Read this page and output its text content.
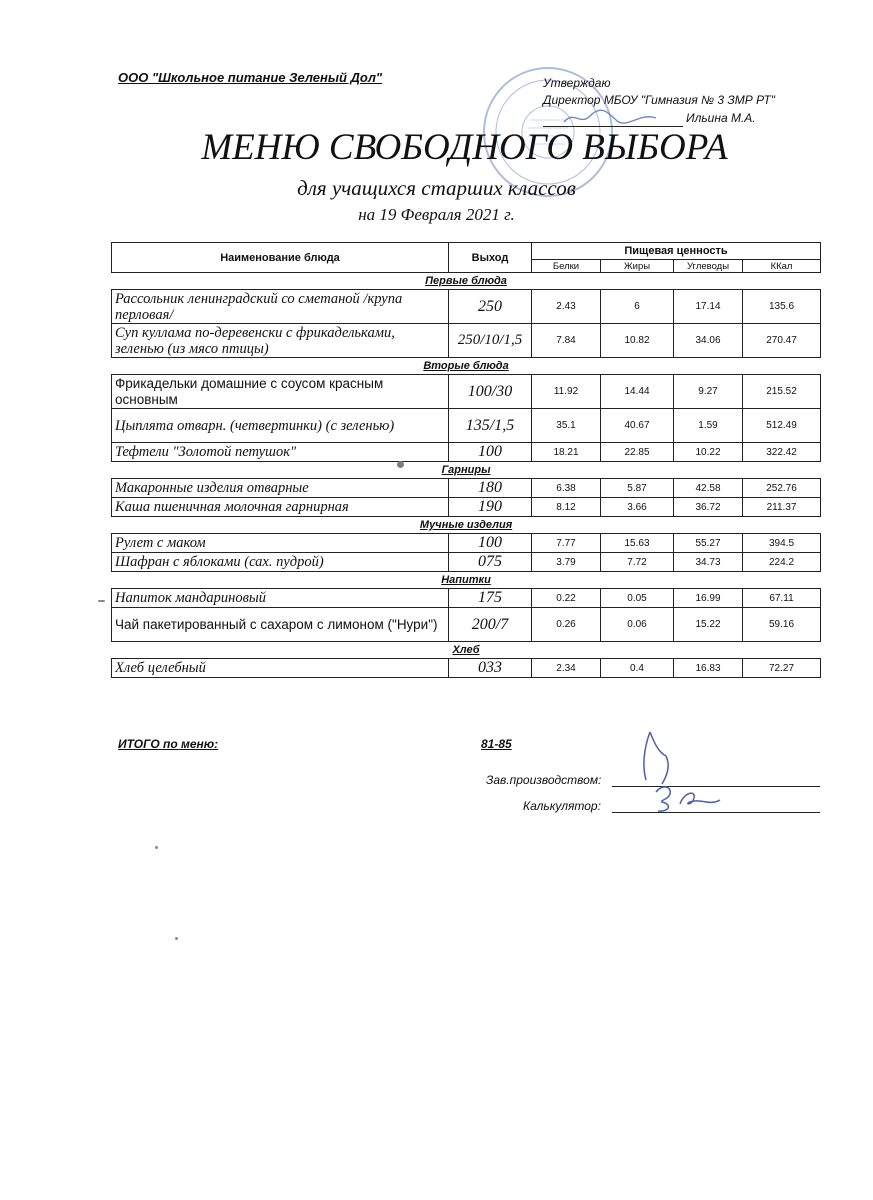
ООО "Школьное питание Зеленый Дол"	Утверждаю
Директор МБОУ "Гимназия № 3 ЗМР РТ"
Ильина М.А.
МЕНЮ СВОБОДНОГО ВЫБОРА
для учащихся старших классов
на 19 Февраля 2021 г.
Наименование блюда	Выход	Пищевая ценность			
		Белки	Жиры	Углеводы	ККал
Первые блюда					
Рассольник ленинградский со сметаной /крупа перловая/	250	2.43	6	17.14	135.6
Суп куллама по-деревенски с фрикадельками, зеленью (из мясо птицы)	250/10/1,5	7.84	10.82	34.06	270.47
Вторые блюда					
Фрикадельки домашние с соусом красным основным	100/30	11.92	14.44	9.27	215.52
Цыплята отварн. (четвертинки) (с зеленью)	135/1,5	35.1	40.67	1.59	512.49
Тефтели "Золотой петушок"	100	18.21	22.85	10.22	322.42
Гарниры					
Макаронные изделия отварные	180	6.38	5.87	42.58	252.76
Каша пшеничная молочная гарнирная	190	8.12	3.66	36.72	211.37
Мучные изделия					
Рулет с маком	100	7.77	15.63	55.27	394.5
Шафран с яблоками (сах. пудрой)	075	3.79	7.72	34.73	224.2
Напитки					
Напиток мандариновый	175	0.22	0.05	16.99	67.11
Чай пакетированный с сахаром с лимоном ("Нури")	200/7	0.26	0.06	15.22	59.16
Хлеб					
Хлеб целебный	033	2.34	0.4	16.83	72.27
ИТОГО по меню:	81-85
Зав.производством:
Калькулятор:
